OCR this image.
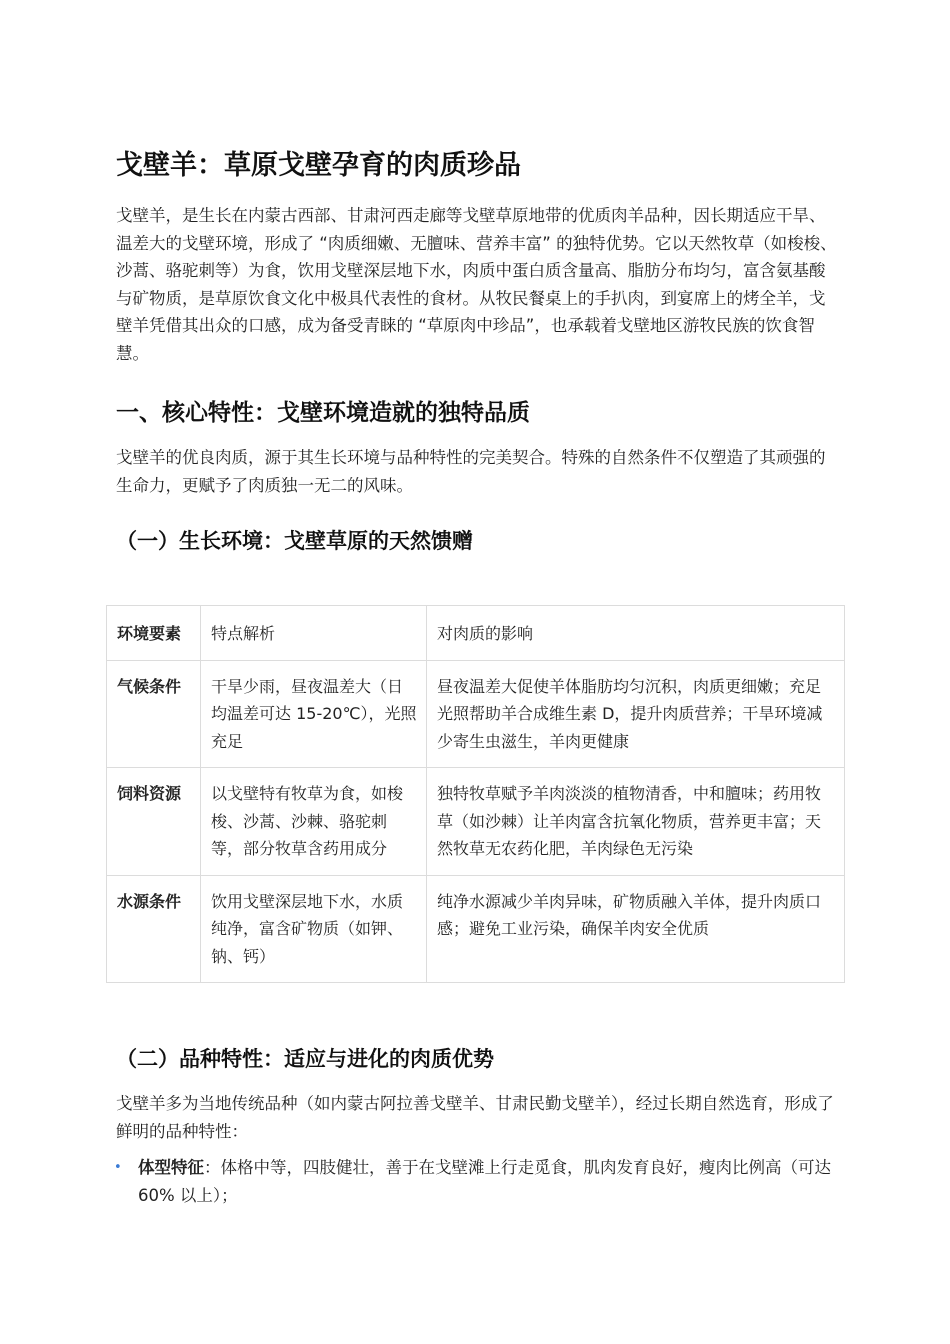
戈壁羊：草原戈壁孕育的肉质珍品

戈壁羊，是生长在内蒙古西部、甘肃河西走廊等戈壁草原地带的优质肉羊品种，因长期适应干旱、温差大的戈壁环境，形成了 “肉质细嫩、无膻味、营养丰富” 的独特优势。它以天然牧草（如梭梭、沙蒿、骆驼刺等）为食，饮用戈壁深层地下水，肉质中蛋白质含量高、脂肪分布均匀，富含氨基酸与矿物质，是草原饮食文化中极具代表性的食材。从牧民餐桌上的手扒肉，到宴席上的烤全羊，戈壁羊凭借其出众的口感，成为备受青睐的 “草原肉中珍品”，也承载着戈壁地区游牧民族的饮食智慧。

一、核心特性：戈壁环境造就的独特品质

戈壁羊的优良肉质，源于其生长环境与品种特性的完美契合。特殊的自然条件不仅塑造了其顽强的生命力，更赋予了肉质独一无二的风味。

（一）生长环境：戈壁草原的天然馈赠
环境要素	特点解析	对肉质的影响
气候条件	干旱少雨，昼夜温差大（日均温差可达 15-20℃），光照充足	昼夜温差大促使羊体脂肪均匀沉积，肉质更细嫩；充足光照帮助羊合成维生素 D，提升肉质营养；干旱环境减少寄生虫滋生，羊肉更健康
饲料资源	以戈壁特有牧草为食，如梭梭、沙蒿、沙棘、骆驼刺等，部分牧草含药用成分	独特牧草赋予羊肉淡淡的植物清香，中和膻味；药用牧草（如沙棘）让羊肉富含抗氧化物质，营养更丰富；天然牧草无农药化肥，羊肉绿色无污染
水源条件	饮用戈壁深层地下水，水质纯净，富含矿物质（如钾、钠、钙）	纯净水源减少羊肉异味，矿物质融入羊体，提升肉质口感；避免工业污染，确保羊肉安全优质
（二）品种特性：适应与进化的肉质优势

戈壁羊多为当地传统品种（如内蒙古阿拉善戈壁羊、甘肃民勤戈壁羊），经过长期自然选育，形成了鲜明的品种特性：

• 体型特征：体格中等，四肢健壮，善于在戈壁滩上行走觅食，肌肉发育良好，瘦肉比例高（可达 60% 以上）；
